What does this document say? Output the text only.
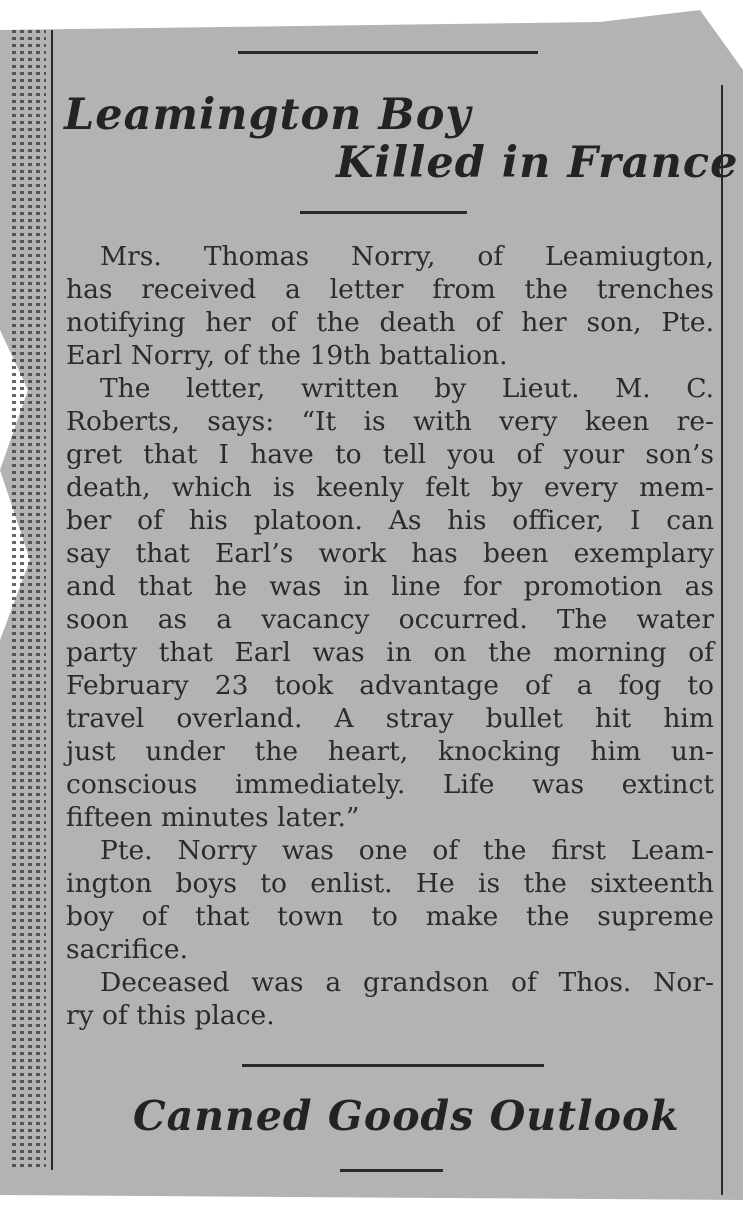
Leamington Boy
Killed in France
Mrs. Thomas Norry, of Leamiugton,
has received a letter from the trenches
notifying her of the death of her son, Pte.
Earl Norry, of the 19th battalion.
The letter, written by Lieut. M. C.
Roberts, says: “It is with very keen re-
gret that I have to tell you of your son’s
death, which is keenly felt by every mem-
ber of his platoon. As his officer, I can
say that Earl’s work has been exemplary
and that he was in line for promotion as
soon as a vacancy occurred. The water
party that Earl was in on the morning of
February 23 took advantage of a fog to
travel overland. A stray bullet hit him
just under the heart, knocking him un-
conscious immediately. Life was extinct
fifteen minutes later.”
Pte. Norry was one of the first Leam-
ington boys to enlist. He is the sixteenth
boy of that town to make the supreme
sacrifice.
Deceased was a grandson of Thos. Nor-
ry of this place.
Canned Goods Outlook
